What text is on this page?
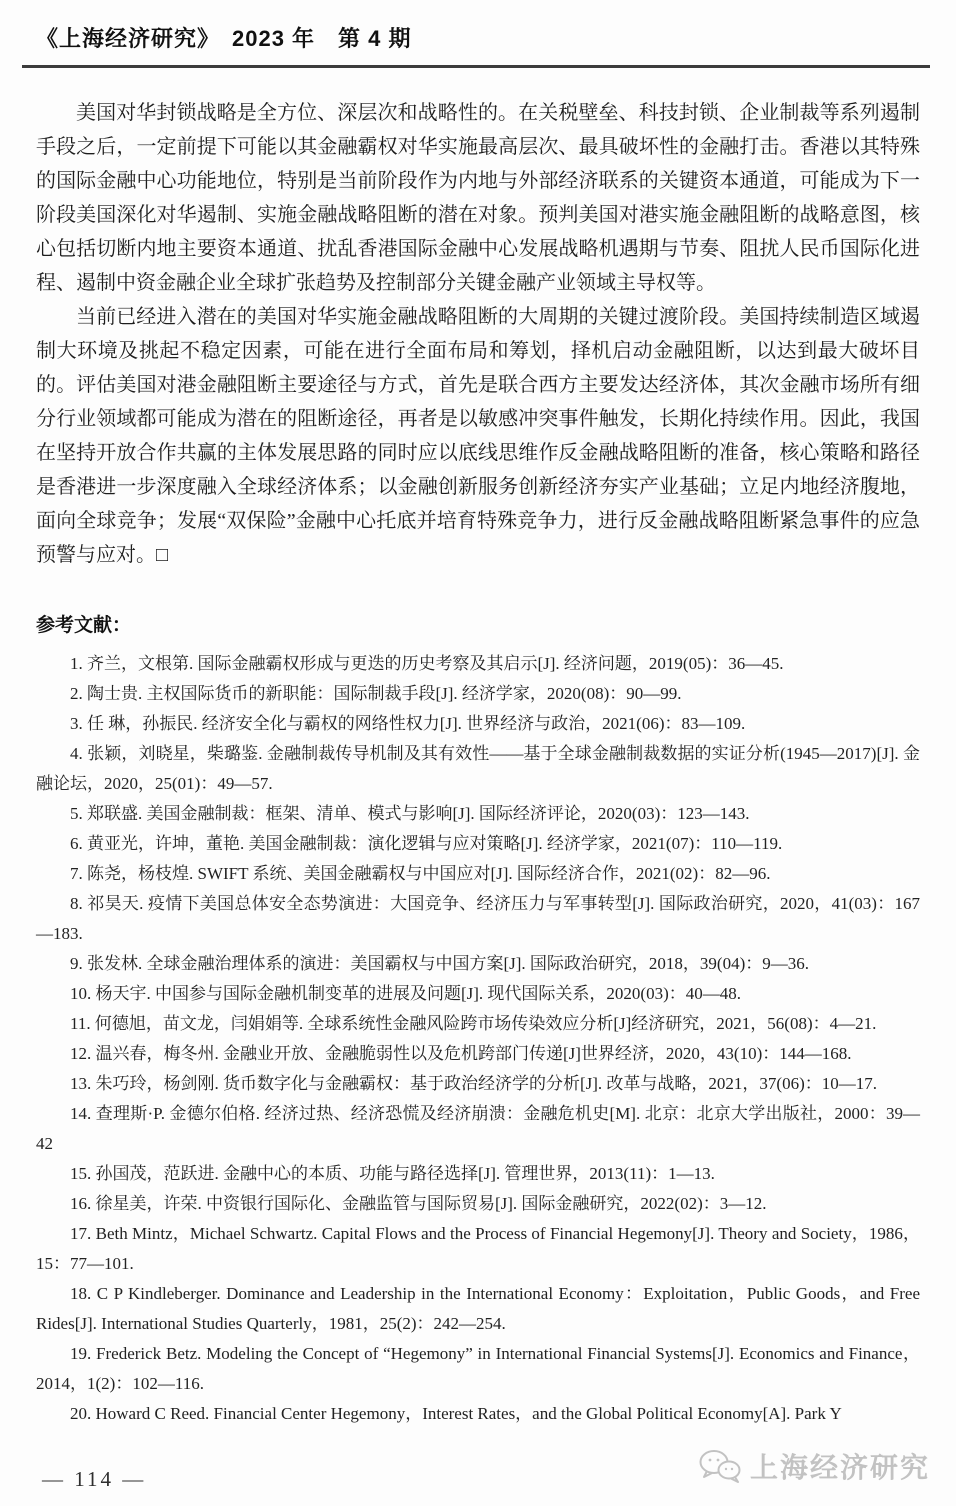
《上海经济研究》　2023 年　第 4 期

美国对华封锁战略是全方位、深层次和战略性的。在关税壁垒、科技封锁、企业制裁等系列遏制手段之后，一定前提下可能以其金融霸权对华实施最高层次、最具破坏性的金融打击。香港以其特殊的国际金融中心功能地位，特别是当前阶段作为内地与外部经济联系的关键资本通道，可能成为下一阶段美国深化对华遏制、实施金融战略阻断的潜在对象。预判美国对港实施金融阻断的战略意图，核心包括切断内地主要资本通道、扰乱香港国际金融中心发展战略机遇期与节奏、阻扰人民币国际化进程、遏制中资金融企业全球扩张趋势及控制部分关键金融产业领域主导权等。

当前已经进入潜在的美国对华实施金融战略阻断的大周期的关键过渡阶段。美国持续制造区域遏制大环境及挑起不稳定因素，可能在进行全面布局和筹划，择机启动金融阻断，以达到最大破坏目的。评估美国对港金融阻断主要途径与方式，首先是联合西方主要发达经济体，其次金融市场所有细分行业领域都可能成为潜在的阻断途径，再者是以敏感冲突事件触发，长期化持续作用。因此，我国在坚持开放合作共赢的主体发展思路的同时应以底线思维作反金融战略阻断的准备，核心策略和路径是香港进一步深度融入全球经济体系；以金融创新服务创新经济夯实产业基础；立足内地经济腹地，面向全球竞争；发展“双保险”金融中心托底并培育特殊竞争力，进行反金融战略阻断紧急事件的应急预警与应对。□

参考文献：

1. 齐兰，文根第. 国际金融霸权形成与更迭的历史考察及其启示[J]. 经济问题，2019(05)：36—45.

2. 陶士贵. 主权国际货币的新职能：国际制裁手段[J]. 经济学家，2020(08)：90—99.

3. 任 琳，孙振民. 经济安全化与霸权的网络性权力[J]. 世界经济与政治，2021(06)：83—109.

4. 张颖，刘晓星，柴璐鉴. 金融制裁传导机制及其有效性——基于全球金融制裁数据的实证分析(1945—2017)[J]. 金融论坛，2020，25(01)：49—57.

5. 郑联盛. 美国金融制裁：框架、清单、模式与影响[J]. 国际经济评论，2020(03)：123—143.

6. 黄亚光，许坤，董艳. 美国金融制裁：演化逻辑与应对策略[J]. 经济学家，2021(07)：110—119.

7. 陈尧，杨枝煌. SWIFT 系统、美国金融霸权与中国应对[J]. 国际经济合作，2021(02)：82—96.

8. 祁昊天. 疫情下美国总体安全态势演进：大国竞争、经济压力与军事转型[J]. 国际政治研究，2020，41(03)：167—183.

9. 张发林. 全球金融治理体系的演进：美国霸权与中国方案[J]. 国际政治研究，2018，39(04)：9—36.

10. 杨天宇. 中国参与国际金融机制变革的进展及问题[J]. 现代国际关系，2020(03)：40—48.

11. 何德旭，苗文龙，闫娟娟等. 全球系统性金融风险跨市场传染效应分析[J]经济研究，2021，56(08)：4—21.

12. 温兴春，梅冬州. 金融业开放、金融脆弱性以及危机跨部门传递[J]世界经济，2020，43(10)：144—168.

13. 朱巧玲，杨剑刚. 货币数字化与金融霸权：基于政治经济学的分析[J]. 改革与战略，2021，37(06)：10—17.

14. 查理斯·P. 金德尔伯格. 经济过热、经济恐慌及经济崩溃：金融危机史[M]. 北京：北京大学出版社，2000：39—42

15. 孙国茂，范跃进. 金融中心的本质、功能与路径选择[J]. 管理世界，2013(11)：1—13.

16. 徐星美，许荣. 中资银行国际化、金融监管与国际贸易[J]. 国际金融研究，2022(02)：3—12.

17. Beth Mintz，Michael Schwartz. Capital Flows and the Process of Financial Hegemony[J]. Theory and Society，1986，15：77—101.

18. C P Kindleberger. Dominance and Leadership in the International Economy：Exploitation，Public Goods，and Free Rides[J]. International Studies Quarterly，1981，25(2)：242—254.

19. Frederick Betz. Modeling the Concept of “Hegemony” in International Financial Systems[J]. Economics and Finance，2014，1(2)：102—116.

20. Howard C Reed. Financial Center Hegemony，Interest Rates，and the Global Political Economy[A]. Park Y

— 114 —	上海经济研究
